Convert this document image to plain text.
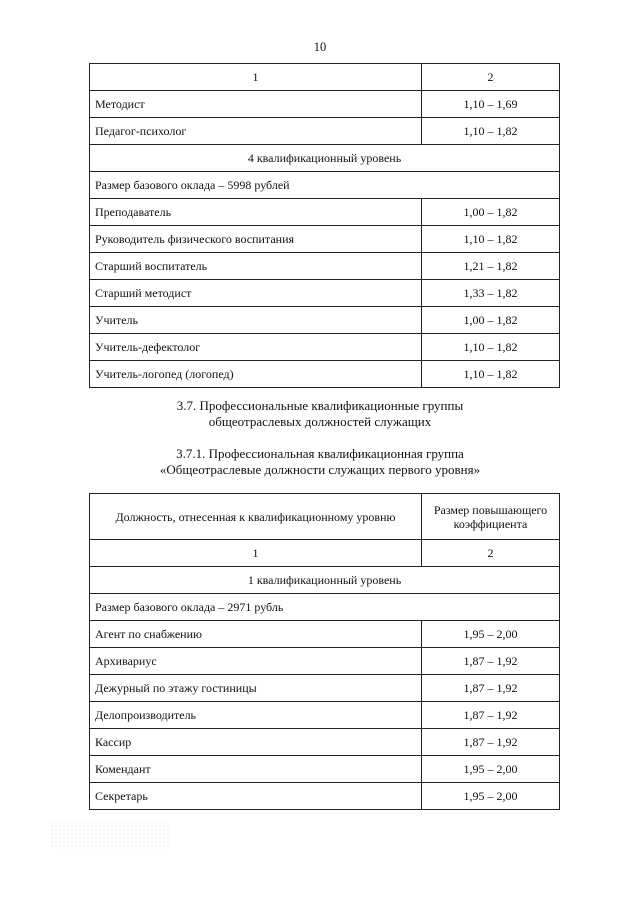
10
1	2
Методист	1,10 – 1,69
Педагог-психолог	1,10 – 1,82
4 квалификационный уровень	
Размер базового оклада – 5998 рублей	
Преподаватель	1,00 – 1,82
Руководитель физического воспитания	1,10 – 1,82
Старший воспитатель	1,21 – 1,82
Старший методист	1,33 – 1,82
Учитель	1,00 – 1,82
Учитель-дефектолог	1,10 – 1,82
Учитель-логопед (логопед)	1,10 – 1,82
3.7. Профессиональные квалификационные группы
общеотраслевых должностей служащих
3.7.1. Профессиональная квалификационная группа
«Общеотраслевые должности служащих первого уровня»
Должность, отнесенная к квалификационному уровню	Размер повышающего коэффициента
1	2
1 квалификационный уровень	
Размер базового оклада – 2971 рубль	
Агент по снабжению	1,95 – 2,00
Архивариус	1,87 – 1,92
Дежурный по этажу гостиницы	1,87 – 1,92
Делопроизводитель	1,87 – 1,92
Кассир	1,87 – 1,92
Комендант	1,95 – 2,00
Секретарь	1,95 – 2,00
